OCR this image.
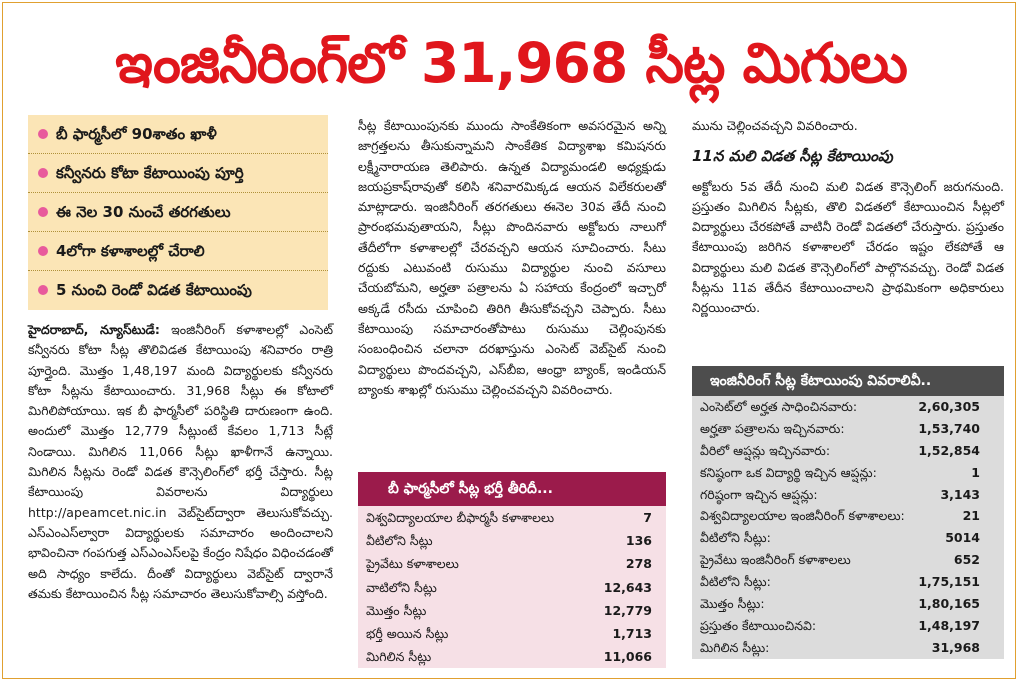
ఇంజినీరింగ్‌లో 31,968 సీట్ల మిగులు
బీ ఫార్మసీలో 90శాతం ఖాళీ
కన్వీనరు కోటా కేటాయింపు పూర్తి
ఈ నెల 30 నుంచే తరగతులు
4లోగా కళాశాలల్లో చేరాలి
5 నుంచి రెండో విడత కేటాయింపు

హైదరాబాద్‌, న్యూస్‌టుడే: ఇంజినీరింగ్‌ కళాశాలల్లో ఎంసెట్‌ కన్వీనరు కోటా సీట్ల తొలివిడత కేటాయింపు శనివారం రాత్రి పూర్తైంది. మొత్తం 1,48,197 మంది విద్యార్థులకు కన్వీనరు కోటా సీట్లను కేటాయించారు. 31,968 సీట్లు ఈ కోటాలో మిగిలిపోయాయి. ఇక బీ ఫార్మసీలో పరిస్థితి దారుణంగా ఉంది. అందులో మొత్తం 12,779 సీట్లుంటే కేవలం 1,713 సీట్లే నిండాయి. మిగిలిన 11,066 సీట్లు ఖాళీగానే ఉన్నాయి. మిగిలిన సీట్లను రెండో విడత కౌన్సెలింగ్‌లో భర్తీ చేస్తారు. సీట్ల కేటాయింపు వివరాలను విద్యార్థులు http://apeamcet.nic.in వెబ్‌సైట్‌ద్వారా తెలుసుకోవచ్చు. ఎస్ఎంఎస్‌ల్వారా విద్యార్థులకు సమాచారం అందించాలని భావించినా గంపగుత్త ఎస్ఎంఎస్‌లపై కేంద్రం నిషేధం విధించడంతో అది సాధ్యం కాలేదు. దీంతో విద్యార్థులు వెబ్‌సైట్‌ ద్వారానే తమకు కేటాయించిన సీట్ల సమాచారం తెలుసుకోవాల్సి వస్తోంది.

సీట్ల కేటాయింపునకు ముందు సాంకేతికంగా అవసరమైన అన్ని జాగ్రత్తలను తీసుకున్నామని సాంకేతిక విద్యాశాఖ కమిషనరు లక్ష్మీనారాయణ తెలిపారు. ఉన్నత విద్యామండలి అధ్యక్షుడు జయప్రకాష్‌రావుతో కలిసి శనివారమిక్కడ ఆయన విలేకరులతో మాట్లాడారు. ఇంజినీరింగ్‌ తరగతులు ఈనెల 30వ తేదీ నుంచి ప్రారంభమవుతాయని, సీట్లు పొందినవారు అక్టోబరు నాలుగో తేదీలోగా కళాశాలల్లో చేరవచ్చని ఆయన సూచించారు. సీటు రద్దుకు ఎటువంటి రుసుము విద్యార్థుల నుంచి వసూలు చేయబోమని, అర్హతా పత్రాలను ఏ సహాయ కేంద్రంలో ఇచ్చారో అక్కడే రసీదు చూపించి తిరిగి తీసుకోవచ్చని చెప్పారు. సీటు కేటాయింపు సమాచారంతోపాటు రుసుము చెల్లింపునకు సంబంధించిన చలానా దరఖాస్తును ఎంసెట్‌ వెబ్‌సైట్‌ నుంచి విద్యార్థులు పొందవచ్చని, ఎస్‌బీఐ, ఆంధ్రా బ్యాంక్‌, ఇండియన్‌ బ్యాంకు శాఖల్లో రుసుము చెల్లించవచ్చని వివరించారు.

బీ ఫార్మసీలో సీట్ల భర్తీ తీరిదీ...
విశ్వవిద్యాలయాల బీఫార్మసీ కళాశాలలు	7
వీటిలోని సీట్లు	136
ప్రైవేటు కళాశాలలు	278
వాటిలోని సీట్లు	12,643
మొత్తం సీట్లు	12,779
భర్తీ అయిన సీట్లు	1,713
మిగిలిన సీట్లు	11,066

మును చెల్లించవచ్చని వివరించారు.

11న మలి విడత సీట్ల కేటాయింపు

అక్టోబరు 5వ తేదీ నుంచి మలి విడత కౌన్సెలింగ్‌ జరుగనుంది. ప్రస్తుతం మిగిలిన సీట్లకు, తొలి విడతలో కేటాయించిన సీట్లలో విద్యార్థులు చేరకపోతే వాటినీ రెండో విడతలో చేరుస్తారు. ప్రస్తుతం కేటాయింపు జరిగిన కళాశాలలో చేరడం ఇష్టం లేకపోతే ఆ విద్యార్థులు మలి విడత కౌన్సెలింగ్‌లో పాల్గొనవచ్చు. రెండో విడత సీట్లను 11వ తేదీన కేటాయించాలని ప్రాథమికంగా అధికారులు నిర్ణయించారు.

ఇంజినీరింగ్‌ సీట్ల కేటాయింపు వివరాలివీ..
ఎంసెట్‌లో అర్హత సాధించినవారు:	2,60,305
అర్హతా పత్రాలను ఇచ్చినవారు:	1,53,740
వీరిలో ఆప్షన్లు ఇచ్చినవారు:	1,52,854
కనిష్ఠంగా ఒక విద్యార్థి ఇచ్చిన ఆప్షన్లు:	1
గరిష్ఠంగా ఇచ్చిన ఆప్షన్లు:	3,143
విశ్వవిద్యాలయాల ఇంజినీరింగ్‌ కళాశాలలు:	21
వీటిలోని సీట్లు:	5014
ప్రైవేటు ఇంజినీరింగ్‌ కళాశాలలు	652
వీటిలోని సీట్లు:	1,75,151
మొత్తం సీట్లు:	1,80,165
ప్రస్తుతం కేటాయించినవి:	1,48,197
మిగిలిన సీట్లు:	31,968
